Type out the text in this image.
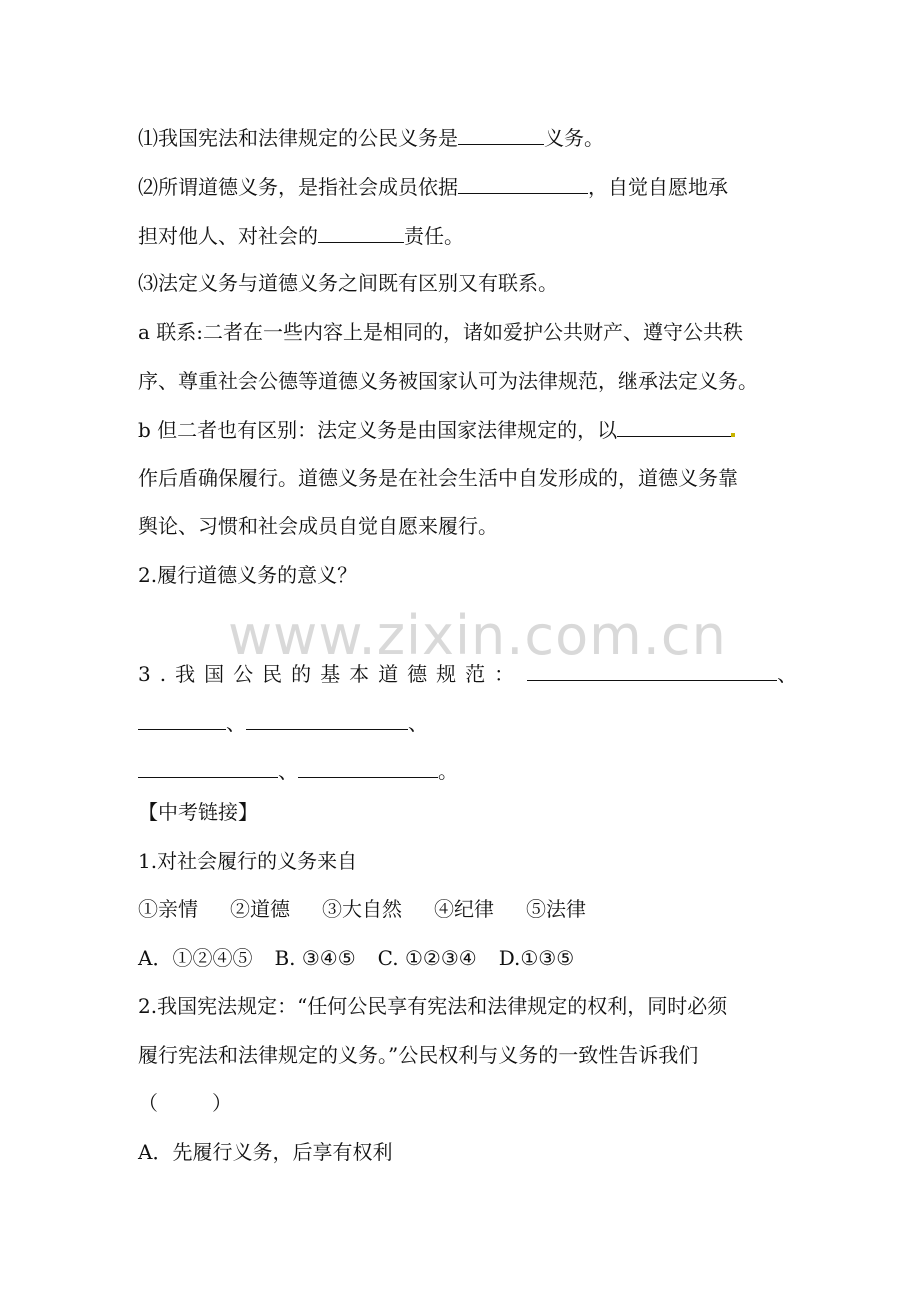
⑴我国宪法和法律规定的公民义务是	义务。

⑵所谓道德义务，是指社会成员依据	，自觉自愿地承

担对他人、对社会的	责任。

⑶法定义务与道德义务之间既有区别又有联系。

a 联系:二者在一些内容上是相同的，诸如爱护公共财产、遵守公共秩

序、尊重社会公德等道德义务被国家认可为法律规范，继承法定义务。

b 但二者也有区别：法定义务是由国家法律规定的，以

作后盾确保履行。道德义务是在社会生活中自发形成的，道德义务靠

舆论、习惯和社会成员自觉自愿来履行。

2.履行道德义务的意义？

www.zixin.com.cn

3.我国公民的基本道德规范：	、

、	、

、	。

【中考链接】

1.对社会履行的义务来自

①亲情 ②道德 ③大自然 ④纪律 ⑤法律

A．①②④⑤ B. ③④⑤ C. ①②③④ D.①③⑤

2.我国宪法规定：“任何公民享有宪法和法律规定的权利，同时必须

履行宪法和法律规定的义务。”公民权利与义务的一致性告诉我们

（	）

A．先履行义务，后享有权利
